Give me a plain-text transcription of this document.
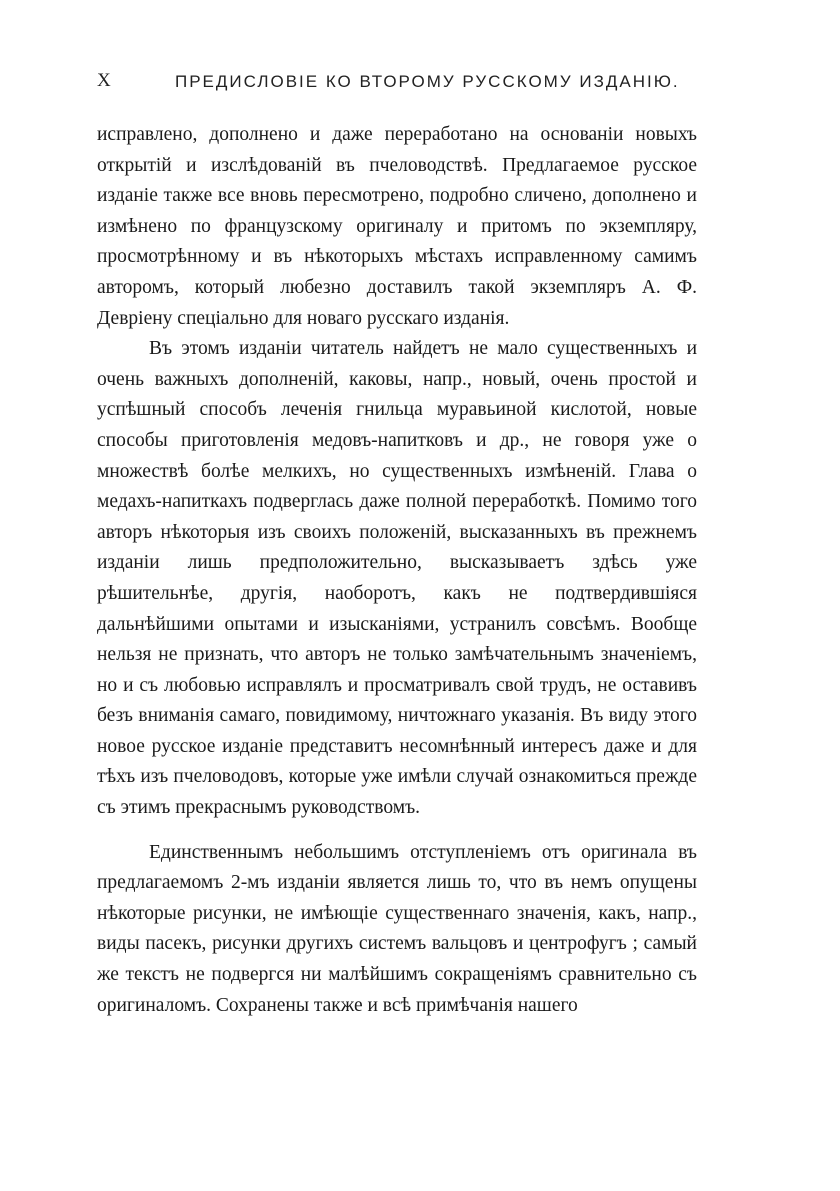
X	ПРЕДИСЛОВІЕ КО ВТОРОМУ РУССКОМУ ИЗДАНІЮ.

исправлено, дополнено и даже переработано на основаніи новыхъ открытій и изслѣдованій въ пчеловодствѣ. Предлагаемое русское изданіе также все вновь пересмотрено, подробно сличено, дополнено и измѣнено по французскому оригиналу и притомъ по экземпляру, просмотрѣнному и въ нѣкоторыхъ мѣстахъ исправленному самимъ авторомъ, который любезно доставилъ такой экземпляръ А. Ф. Девріену спеціально для новаго русскаго изданія.

Въ этомъ изданіи читатель найдетъ не мало существенныхъ и очень важныхъ дополненій, каковы, напр., новый, очень простой и успѣшный способъ леченія гнильца муравьиной кислотой, новые способы приготовленія медовъ-напитковъ и др., не говоря уже о множествѣ болѣе мелкихъ, но существенныхъ измѣненій. Глава о медахъ-напиткахъ подверглась даже полной переработкѣ. Помимо того авторъ нѣкоторыя изъ своихъ положеній, высказанныхъ въ прежнемъ изданіи лишь предположительно, высказываетъ здѣсь уже рѣшительнѣе, другія, наоборотъ, какъ не подтвердившіяся дальнѣйшими опытами и изысканіями, устранилъ совсѣмъ. Вообще нельзя не признать, что авторъ не только замѣчательнымъ значеніемъ, но и съ любовью исправлялъ и просматривалъ свой трудъ, не оставивъ безъ вниманія самаго, повидимому, ничтожнаго указанія. Въ виду этого новое русское изданіе представитъ несомнѣнный интересъ даже и для тѣхъ изъ пчеловодовъ, которые уже имѣли случай ознакомиться прежде съ этимъ прекраснымъ руководствомъ.

Единственнымъ небольшимъ отступленіемъ отъ оригинала въ предлагаемомъ 2-мъ изданіи является лишь то, что въ немъ опущены нѣкоторые рисунки, не имѣющіе существеннаго значенія, какъ, напр., виды пасекъ, рисунки другихъ системъ вальцовъ и центрофугъ ; самый же текстъ не подвергся ни малѣйшимъ сокращеніямъ сравнительно съ оригиналомъ. Сохранены также и всѣ примѣчанія нашего
